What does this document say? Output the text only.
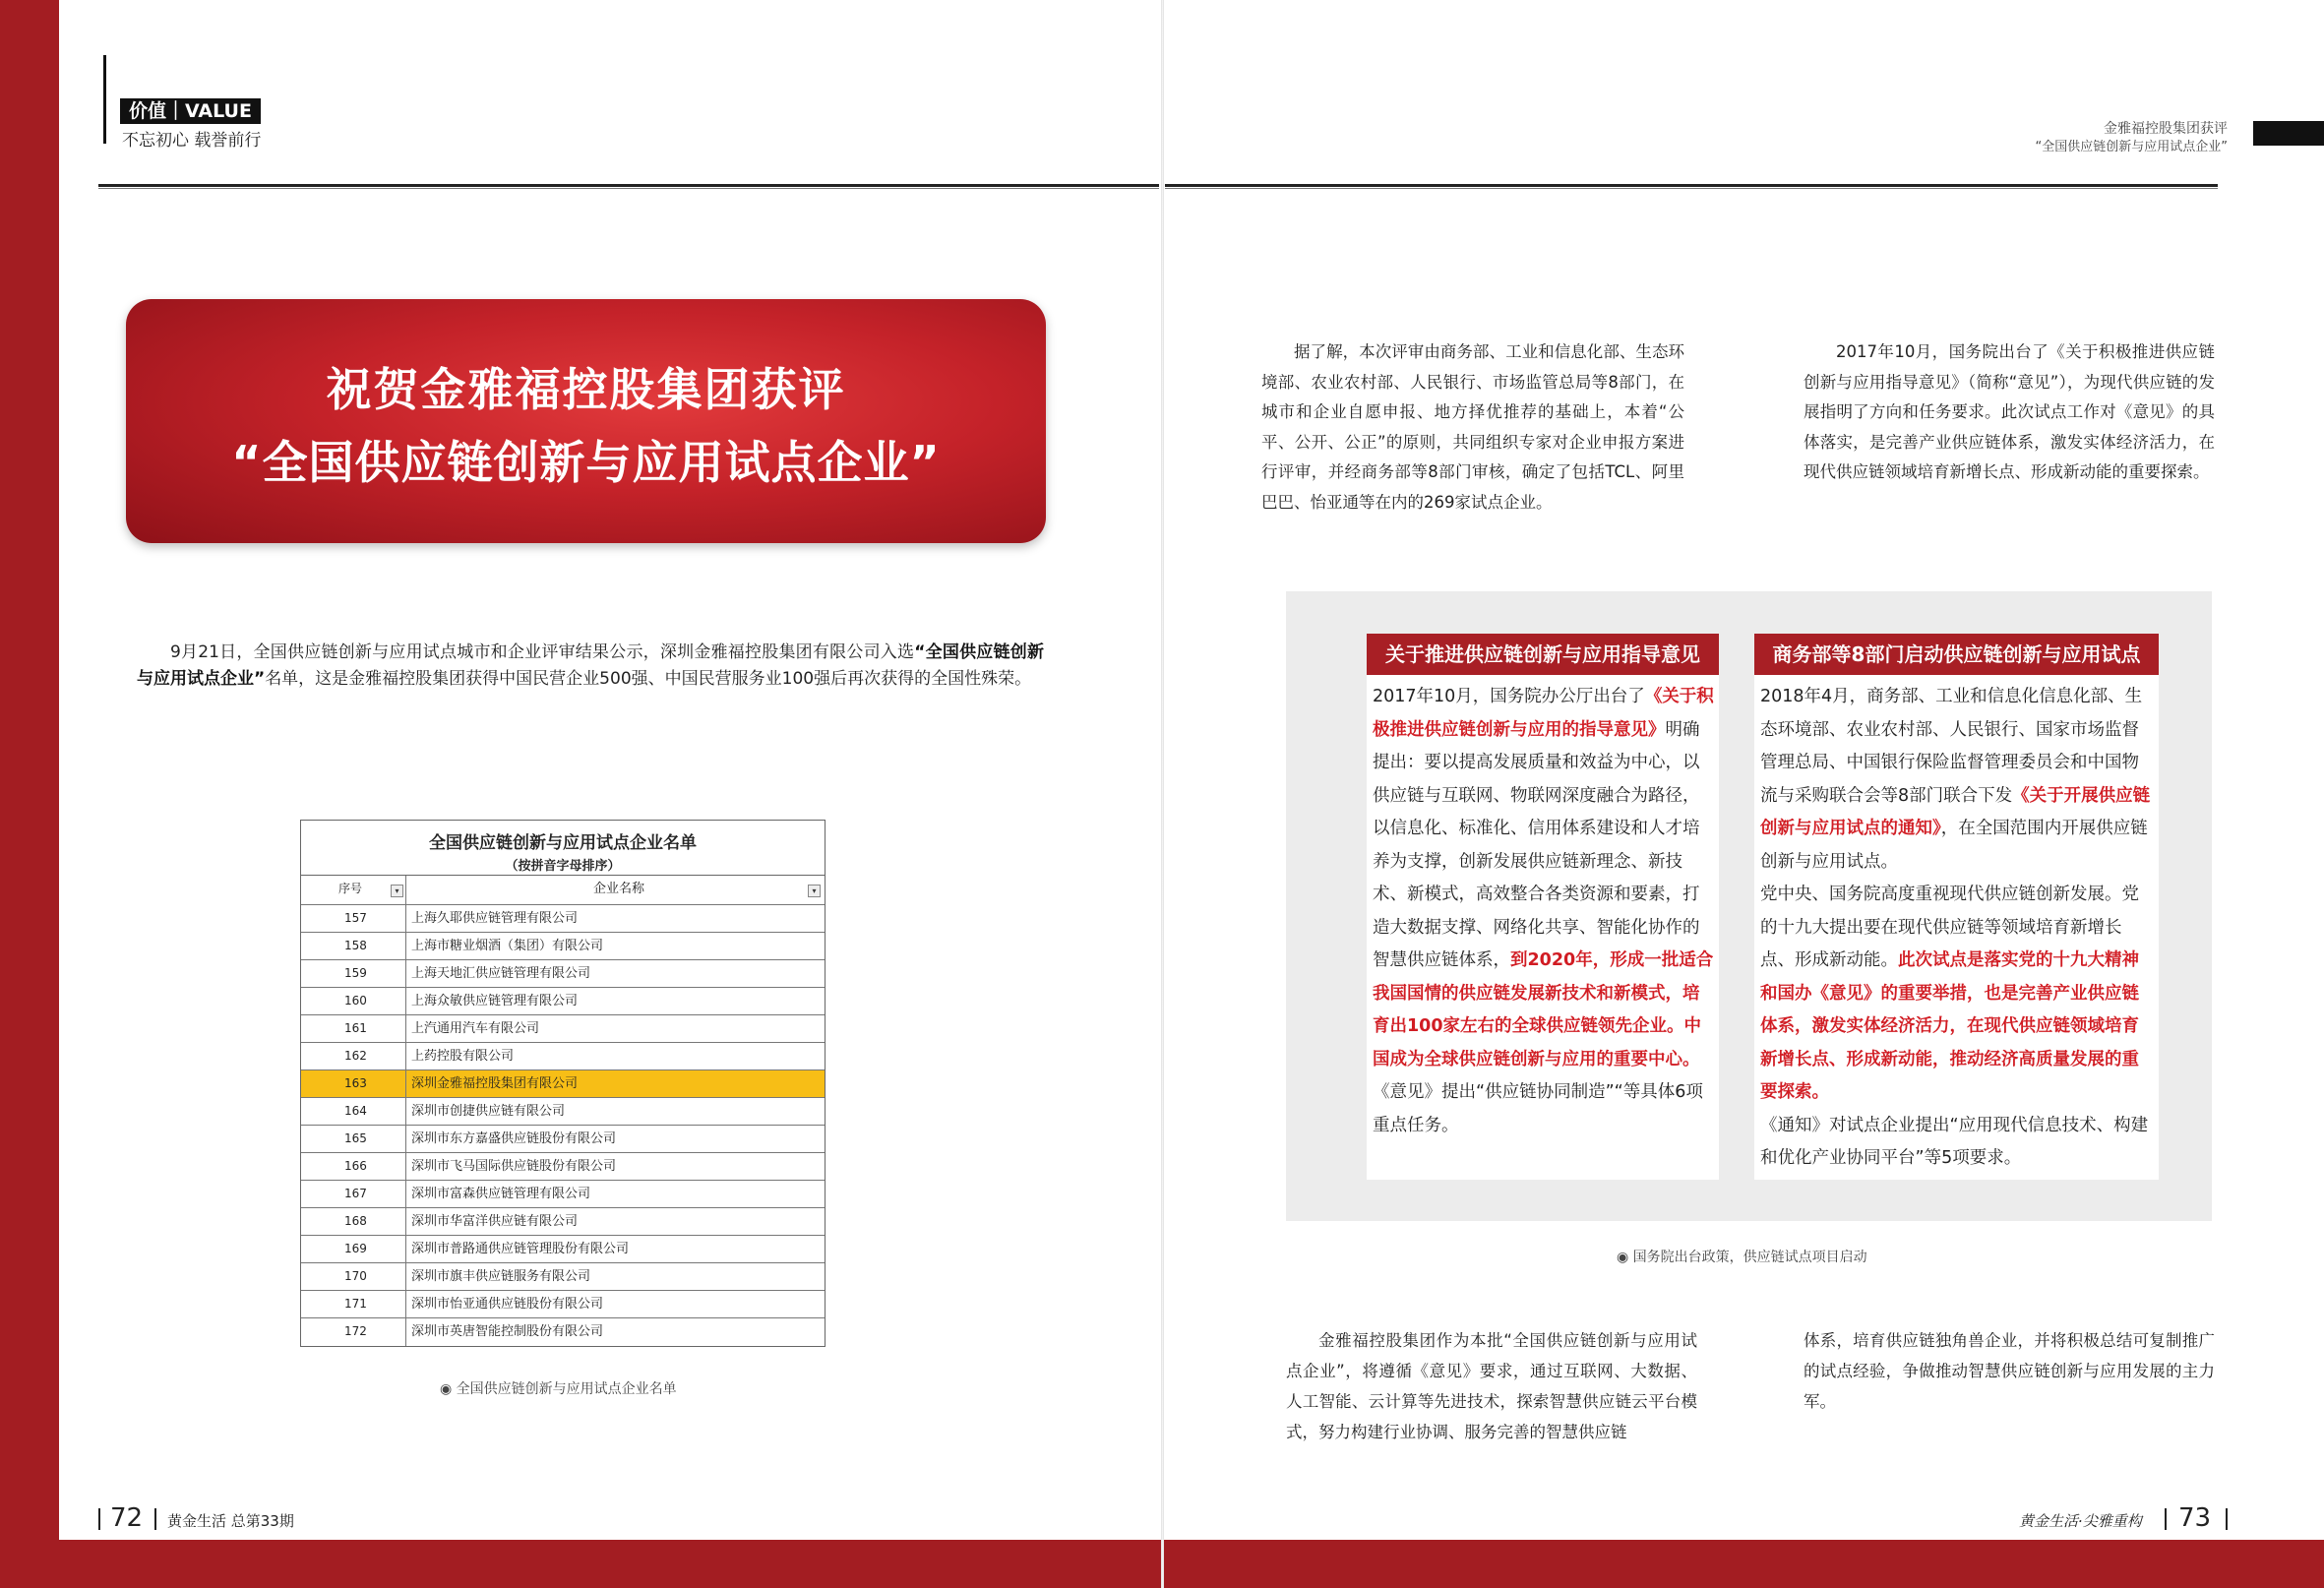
价值｜VALUE
不忘初心 载誉前行
金雅福控股集团获评
“全国供应链创新与应用试点企业”
祝贺金雅福控股集团获评
“全国供应链创新与应用试点企业”
9月21日，全国供应链创新与应用试点城市和企业评审结果公示，深圳金雅福控股集团有限公司入选“全国供应链创新与应用试点企业”名单，这是金雅福控股集团获得中国民营企业500强、中国民营服务业100强后再次获得的全国性殊荣。
全国供应链创新与应用试点企业名单
（按拼音字母排序）
序号	▾	企业名称	▾
157	上海久耶供应链管理有限公司
158	上海市糖业烟酒（集团）有限公司
159	上海天地汇供应链管理有限公司
160	上海众敏供应链管理有限公司
161	上汽通用汽车有限公司
162	上药控股有限公司
163	深圳金雅福控股集团有限公司
164	深圳市创捷供应链有限公司
165	深圳市东方嘉盛供应链股份有限公司
166	深圳市飞马国际供应链股份有限公司
167	深圳市富森供应链管理有限公司
168	深圳市华富洋供应链有限公司
169	深圳市普路通供应链管理股份有限公司
170	深圳市旗丰供应链服务有限公司
171	深圳市怡亚通供应链股份有限公司
172	深圳市英唐智能控制股份有限公司
◉ 全国供应链创新与应用试点企业名单
据了解，本次评审由商务部、工业和信息化部、生态环境部、农业农村部、人民银行、市场监管总局等8部门，在城市和企业自愿申报、地方择优推荐的基础上，本着“公平、公开、公正”的原则，共同组织专家对企业申报方案进行评审，并经商务部等8部门审核，确定了包括TCL、阿里巴巴、怡亚通等在内的269家试点企业。
2017年10月，国务院出台了《关于积极推进供应链创新与应用指导意见》（简称“意见”），为现代供应链的发展指明了方向和任务要求。此次试点工作对《意见》的具体落实，是完善产业供应链体系，激发实体经济活力，在现代供应链领域培育新增长点、形成新动能的重要探索。
关于推进供应链创新与应用指导意见
2017年10月，国务院办公厅出台了《关于积极推进供应链创新与应用的指导意见》明确提出：要以提高发展质量和效益为中心，以供应链与互联网、物联网深度融合为路径，以信息化、标准化、信用体系建设和人才培养为支撑，创新发展供应链新理念、新技术、新模式，高效整合各类资源和要素，打造大数据支撑、网络化共享、智能化协作的智慧供应链体系，到2020年，形成一批适合我国国情的供应链发展新技术和新模式，培育出100家左右的全球供应链领先企业。中国成为全球供应链创新与应用的重要中心。
《意见》提出“供应链协同制造”“等具体6项重点任务。
商务部等8部门启动供应链创新与应用试点
2018年4月，商务部、工业和信息化信息化部、生态环境部、农业农村部、人民银行、国家市场监督管理总局、中国银行保险监督管理委员会和中国物流与采购联合会等8部门联合下发《关于开展供应链创新与应用试点的通知》，在全国范围内开展供应链创新与应用试点。
党中央、国务院高度重视现代供应链创新发展。党的十九大提出要在现代供应链等领域培育新增长点、形成新动能。此次试点是落实党的十九大精神和国办《意见》的重要举措，也是完善产业供应链体系，激发实体经济活力，在现代供应链领域培育新增长点、形成新动能，推动经济高质量发展的重要探索。
《通知》对试点企业提出“应用现代信息技术、构建和优化产业协同平台”等5项要求。
◉ 国务院出台政策，供应链试点项目启动
金雅福控股集团作为本批“全国供应链创新与应用试点企业”，将遵循《意见》要求，通过互联网、大数据、人工智能、云计算等先进技术，探索智慧供应链云平台模式，努力构建行业协调、服务完善的智慧供应链
体系，培育供应链独角兽企业，并将积极总结可复制推广的试点经验，争做推动智慧供应链创新与应用发展的主力军。
72 黄金生活 总第33期	黄金生活·尖雅重构 73
